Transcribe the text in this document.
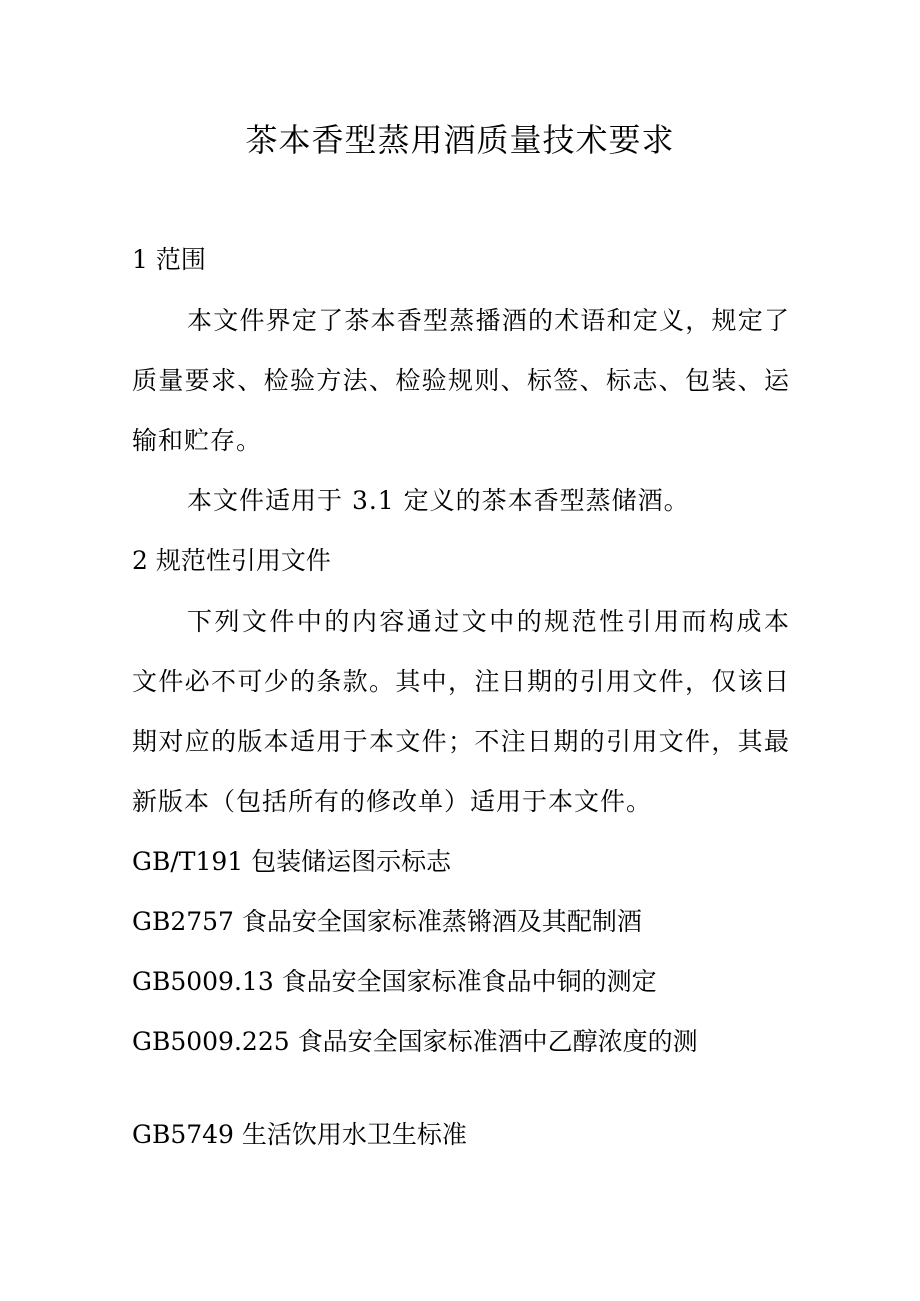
茶本香型蒸用酒质量技术要求
1 范围
本文件界定了茶本香型蒸播酒的术语和定义，规定了
质量要求、检验方法、检验规则、标签、标志、包装、运
输和贮存。
本文件适用于 3.1 定义的茶本香型蒸储酒。
2 规范性引用文件
下列文件中的内容通过文中的规范性引用而构成本
文件必不可少的条款。其中，注日期的引用文件，仅该日
期对应的版本适用于本文件；不注日期的引用文件，其最
新版本（包括所有的修改单）适用于本文件。
GB/T191 包装储运图示标志
GB2757 食品安全国家标准蒸锵酒及其配制酒
GB5009.13 食品安全国家标准食品中铜的测定
GB5009.225 食品安全国家标准酒中乙醇浓度的测
GB5749 生活饮用水卫生标准
